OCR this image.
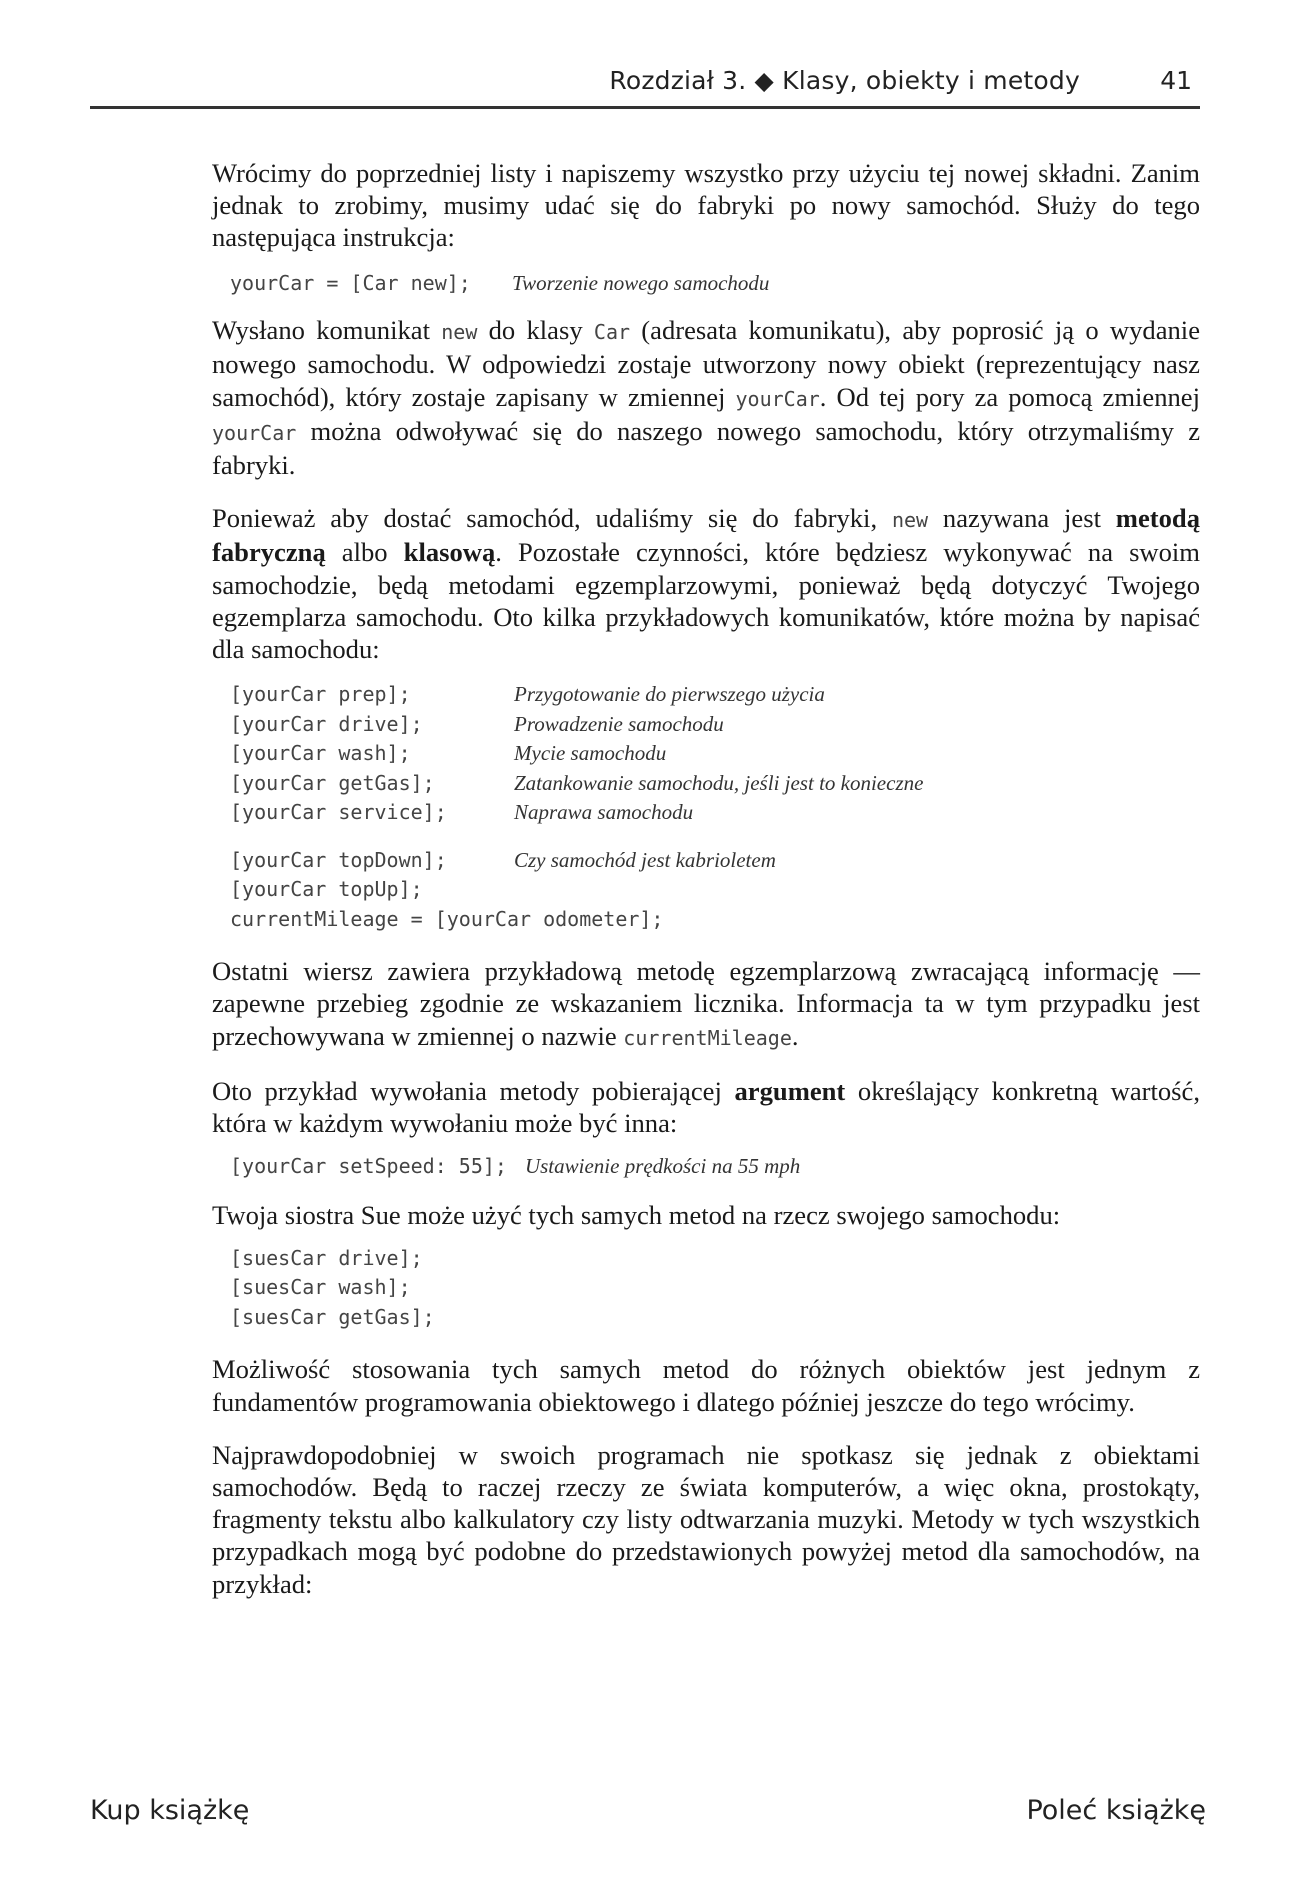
Rozdział 3. ◆ Klasy, obiekty i metody	41

Wrócimy do poprzedniej listy i napiszemy wszystko przy użyciu tej nowej składni. Zanim jednak to zrobimy, musimy udać się do fabryki po nowy samochód. Służy do tego następująca instrukcja:

yourCar = [Car new];	Tworzenie nowego samochodu

Wysłano komunikat new do klasy Car (adresata komunikatu), aby poprosić ją o wydanie nowego samochodu. W odpowiedzi zostaje utworzony nowy obiekt (reprezentujący nasz samochód), który zostaje zapisany w zmiennej yourCar. Od tej pory za pomocą zmiennej yourCar można odwoływać się do naszego nowego samochodu, który otrzymaliśmy z fabryki.

Ponieważ aby dostać samochód, udaliśmy się do fabryki, new nazywana jest metodą fabryczną albo klasową. Pozostałe czynności, które będziesz wykonywać na swoim samochodzie, będą metodami egzemplarzowymi, ponieważ będą dotyczyć Twojego egzemplarza samochodu. Oto kilka przykładowych komunikatów, które można by napisać dla samochodu:

[yourCar prep];	Przygotowanie do pierwszego użycia
[yourCar drive];	Prowadzenie samochodu
[yourCar wash];	Mycie samochodu
[yourCar getGas];	Zatankowanie samochodu, jeśli jest to konieczne
[yourCar service];	Naprawa samochodu
[yourCar topDown];	Czy samochód jest kabrioletem
[yourCar topUp];	
currentMileage = [yourCar odometer];	

Ostatni wiersz zawiera przykładową metodę egzemplarzową zwracającą informację — zapewne przebieg zgodnie ze wskazaniem licznika. Informacja ta w tym przypadku jest przechowywana w zmiennej o nazwie currentMileage.

Oto przykład wywołania metody pobierającej argument określający konkretną wartość, która w każdym wywołaniu może być inna:

[yourCar setSpeed: 55];	Ustawienie prędkości na 55 mph

Twoja siostra Sue może użyć tych samych metod na rzecz swojego samochodu:

[suesCar drive];
[suesCar wash];
[suesCar getGas];

Możliwość stosowania tych samych metod do różnych obiektów jest jednym z fundamentów programowania obiektowego i dlatego później jeszcze do tego wrócimy.

Najprawdopodobniej w swoich programach nie spotkasz się jednak z obiektami samochodów. Będą to raczej rzeczy ze świata komputerów, a więc okna, prostokąty, fragmenty tekstu albo kalkulatory czy listy odtwarzania muzyki. Metody w tych wszystkich przypadkach mogą być podobne do przedstawionych powyżej metod dla samochodów, na przykład:

Kup książkę	Poleć książkę
